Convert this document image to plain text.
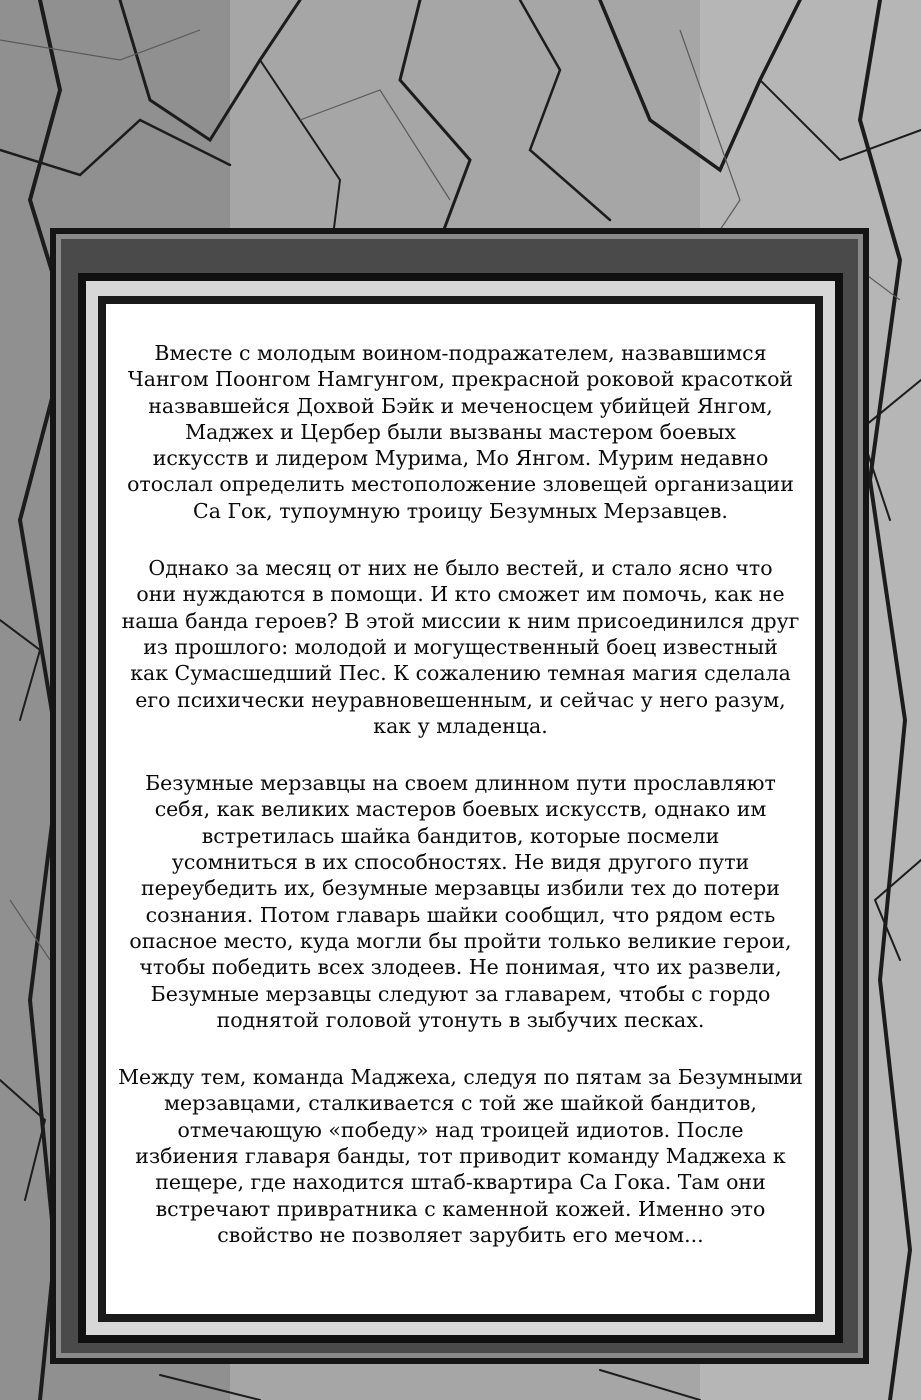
Вместе с молодым воином-подражателем, назвавшимся
Чангом Поонгом Намгунгом, прекрасной роковой красоткой
назвавшейся Дохвой Бэйк и меченосцем убийцей Янгом,
Маджех и Цербер были вызваны мастером боевых
искусств и лидером Мурима, Мо Янгом. Мурим недавно
отослал определить местоположение зловещей организации
Са Гок, тупоумную троицу Безумных Мерзавцев.

Однако за месяц от них не было вестей, и стало ясно что
они нуждаются в помощи. И кто сможет им помочь, как не
наша банда героев? В этой миссии к ним присоединился друг
из прошлого: молодой и могущественный боец известный
как Сумасшедший Пес. К сожалению темная магия сделала
его психически неуравновешенным, и сейчас у него разум,
как у младенца.

Безумные мерзавцы на своем длинном пути прославляют
себя, как великих мастеров боевых искусств, однако им
встретилась шайка бандитов, которые посмели
усомниться в их способностях. Не видя другого пути
переубедить их, безумные мерзавцы избили тех до потери
сознания. Потом главарь шайки сообщил, что рядом есть
опасное место, куда могли бы пройти только великие герои,
чтобы победить всех злодеев. Не понимая, что их развели,
Безумные мерзавцы следуют за главарем, чтобы с гордо
поднятой головой утонуть в зыбучих песках.

Между тем, команда Маджеха, следуя по пятам за Безумными
мерзавцами, сталкивается с той же шайкой бандитов,
отмечающую «победу» над троицей идиотов. После
избиения главаря банды, тот приводит команду Маджеха к
пещере, где находится штаб-квартира Са Гока. Там они
встречают привратника с каменной кожей. Именно это
свойство не позволяет зарубить его мечом...
